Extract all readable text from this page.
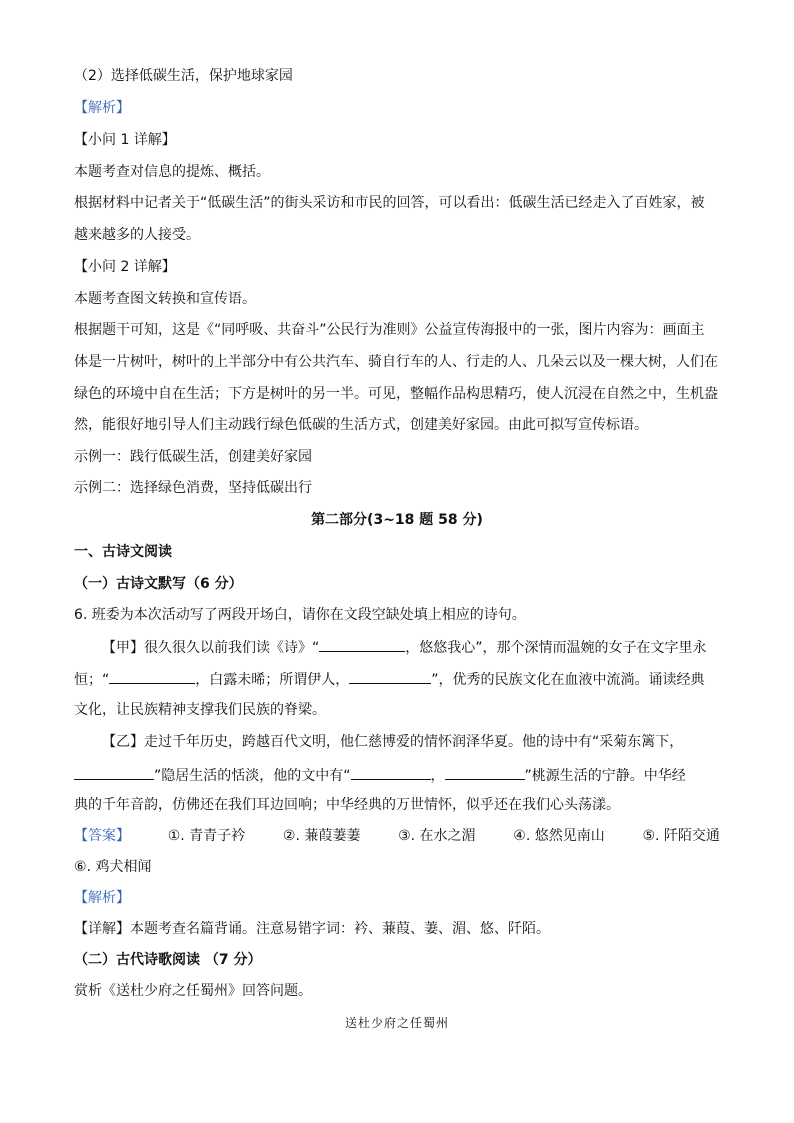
（2）选择低碳生活，保护地球家园
【解析】
【小问 1 详解】
本题考查对信息的提炼、概括。
根据材料中记者关于“低碳生活”的街头采访和市民的回答，可以看出：低碳生活已经走入了百姓家，被
越来越多的人接受。
【小问 2 详解】
本题考查图文转换和宣传语。
根据题干可知，这是《“同呼吸、共奋斗”公民行为准则》公益宣传海报中的一张，图片内容为：画面主
体是一片树叶，树叶的上半部分中有公共汽车、骑自行车的人、行走的人、几朵云以及一棵大树，人们在
绿色的环境中自在生活；下方是树叶的另一半。可见，整幅作品构思精巧，使人沉浸在自然之中，生机盎
然，能很好地引导人们主动践行绿色低碳的生活方式，创建美好家园。由此可拟写宣传标语。
示例一：践行低碳生活，创建美好家园
示例二：选择绿色消费，坚持低碳出行
第二部分(3~18 题 58 分)
一、古诗文阅读
（一）古诗文默写（6 分）
6. 班委为本次活动写了两段开场白，请你在文段空缺处填上相应的诗句。
【甲】很久很久以前我们读《诗》“	，悠悠我心”，那个深情而温婉的女子在文字里永
恒；“	，白露未晞；所谓伊人，	”，优秀的民族文化在血液中流淌。诵读经典
文化，让民族精神支撑我们民族的脊梁。
【乙】走过千年历史，跨越百代文明，他仁慈博爱的情怀润泽华夏。他的诗中有“采菊东篱下，
”隐居生活的恬淡，他的文中有“	，	”桃源生活的宁静。中华经
典的千年音韵，仿佛还在我们耳边回响；中华经典的万世情怀，似乎还在我们心头荡漾。
【答案】	①. 青青子衿	②. 蒹葭萋萋	③. 在水之湄	④. 悠然见南山	⑤. 阡陌交通
⑥. 鸡犬相闻
【解析】
【详解】本题考查名篇背诵。注意易错字词：衿、蒹葭、萋、湄、悠、阡陌。
（二）古代诗歌阅读 （7 分）
赏析《送杜少府之任蜀州》回答问题。
送杜少府之任蜀州
